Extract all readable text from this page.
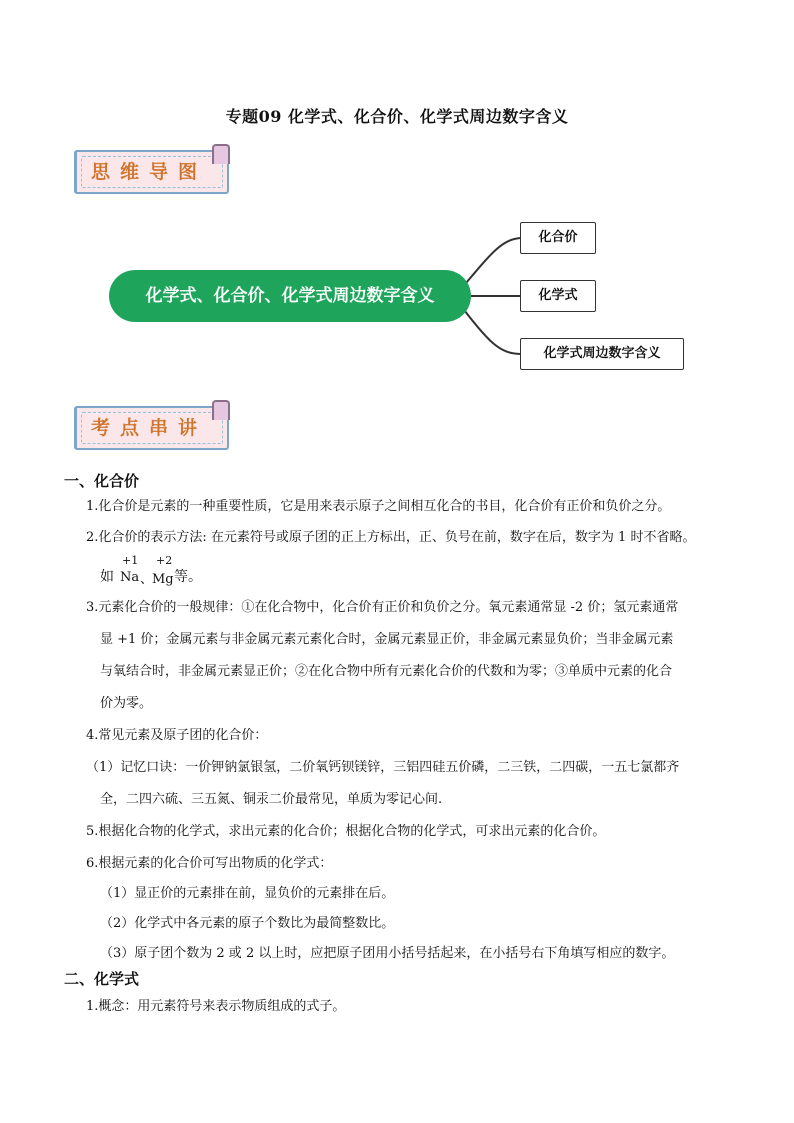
专题09 化学式、化合价、化学式周边数字含义
思维导图
化学式、化合价、化学式周边数字含义
化合价
化学式
化学式周边数字含义
考点串讲
一、化合价
1.化合价是元素的一种重要性质，它是用来表示原子之间相互化合的书目，化合价有正价和负价之分。
2.化合价的表示方法: 在元素符号或原子团的正上方标出，正、负号在前，数字在后，数字为 1 时不省略。
如
+1
Na 、
+2
Mg 等。
3.元素化合价的一般规律：①在化合物中，化合价有正价和负价之分。氧元素通常显 -2 价；氢元素通常
显 +1 价；金属元素与非金属元素元素化合时，金属元素显正价，非金属元素显负价；当非金属元素
与氧结合时，非金属元素显正价；②在化合物中所有元素化合价的代数和为零；③单质中元素的化合
价为零。
4.常见元素及原子团的化合价：
（1）记忆口诀：一价钾钠氯银氢，二价氧钙钡镁锌，三铝四硅五价磷，二三铁，二四碳，一五七氯都齐
全，二四六硫、三五氮、铜汞二价最常见，单质为零记心间.
5.根据化合物的化学式，求出元素的化合价；根据化合物的化学式，可求出元素的化合价。
6.根据元素的化合价可写出物质的化学式：
（1）显正价的元素排在前，显负价的元素排在后。
（2）化学式中各元素的原子个数比为最简整数比。
（3）原子团个数为 2 或 2 以上时，应把原子团用小括号括起来，在小括号右下角填写相应的数字。
二、化学式
1.概念：用元素符号来表示物质组成的式子。
